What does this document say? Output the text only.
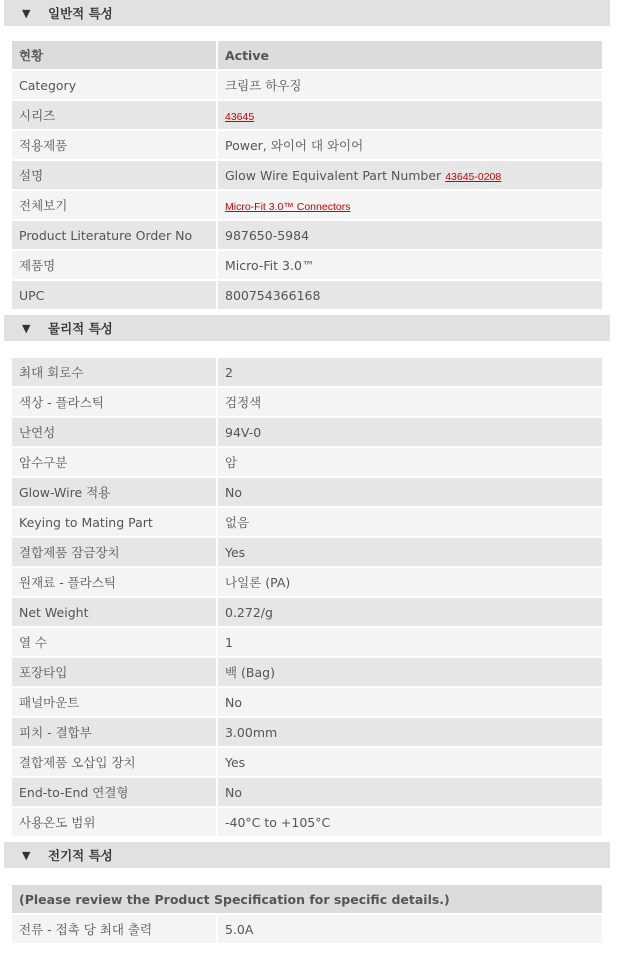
▼ 일반적 특성
현황	Active
Category	크림프 하우징
시리즈	43645
적용제품	Power, 와이어 대 와이어
설명	Glow Wire Equivalent Part Number 43645-0208
전체보기	Micro-Fit 3.0™ Connectors
Product Literature Order No	987650-5984
제품명	Micro-Fit 3.0™
UPC	800754366168
▼ 물리적 특성
최대 회로수	2
색상 - 플라스틱	검정색
난연성	94V-0
암수구분	암
Glow-Wire 적용	No
Keying to Mating Part	없음
결합제품 잠금장치	Yes
원재료 - 플라스틱	나일론 (PA)
Net Weight	0.272/g
열 수	1
포장타입	백 (Bag)
패널마운트	No
피치 - 결합부	3.00mm
결합제품 오삽입 장치	Yes
End-to-End 연결형	No
사용온도 범위	-40°C to +105°C
▼ 전기적 특성
(Please review the Product Specification for specific details.)
전류 - 접촉 당 최대 출력	5.0A
